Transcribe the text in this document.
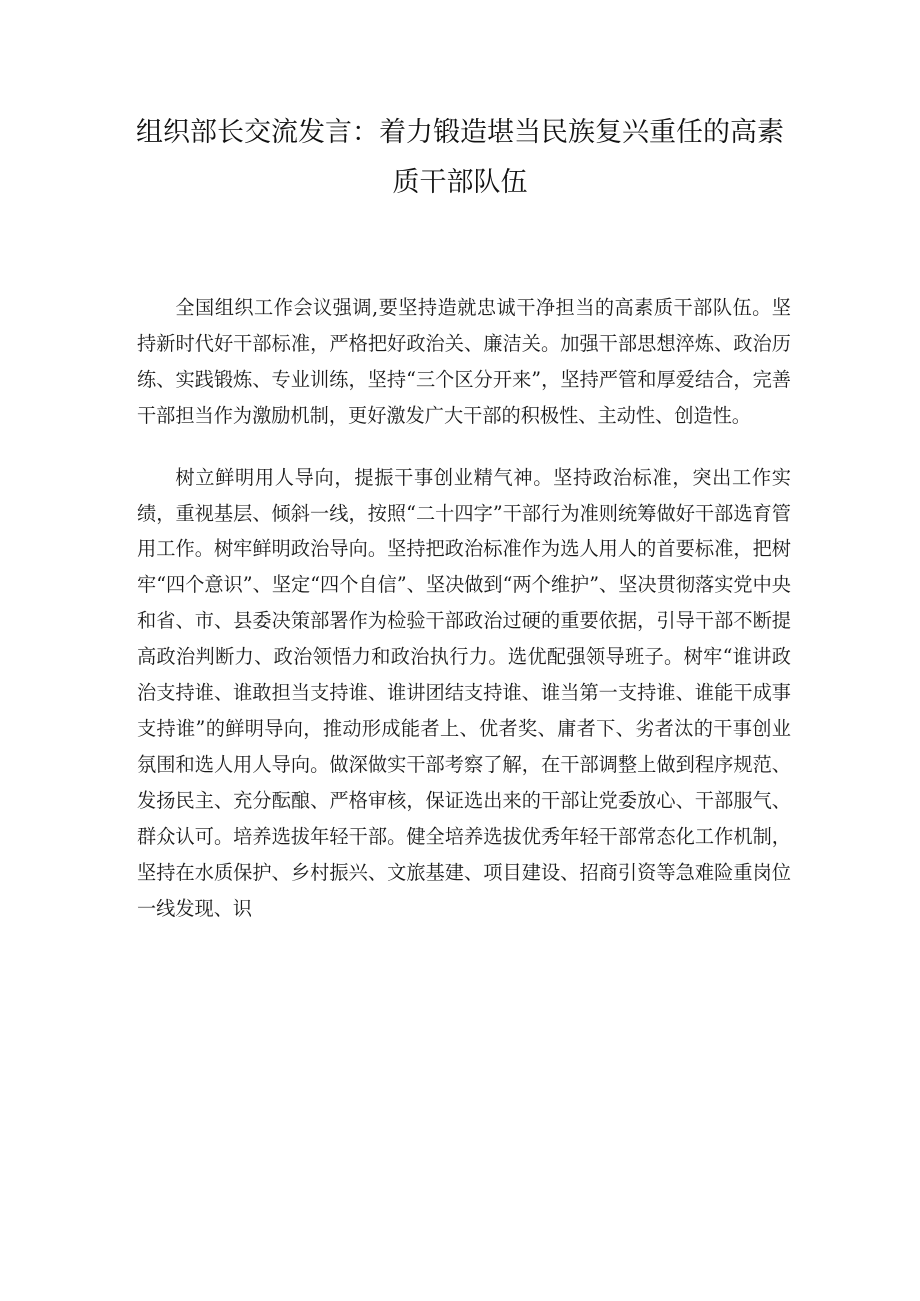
组织部长交流发言：着力锻造堪当民族复兴重任的高素质干部队伍

全国组织工作会议强调,要坚持造就忠诚干净担当的高素质干部队伍。坚持新时代好干部标准，严格把好政治关、廉洁关。加强干部思想淬炼、政治历练、实践锻炼、专业训练，坚持“三个区分开来”，坚持严管和厚爱结合，完善干部担当作为激励机制，更好激发广大干部的积极性、主动性、创造性。

树立鲜明用人导向，提振干事创业精气神。坚持政治标准，突出工作实绩，重视基层、倾斜一线，按照“二十四字”干部行为准则统筹做好干部选育管用工作。树牢鲜明政治导向。坚持把政治标准作为选人用人的首要标准，把树牢“四个意识”、坚定“四个自信”、坚决做到“两个维护”、坚决贯彻落实党中央和省、市、县委决策部署作为检验干部政治过硬的重要依据，引导干部不断提高政治判断力、政治领悟力和政治执行力。选优配强领导班子。树牢“谁讲政治支持谁、谁敢担当支持谁、谁讲团结支持谁、谁当第一支持谁、谁能干成事支持谁”的鲜明导向，推动形成能者上、优者奖、庸者下、劣者汰的干事创业氛围和选人用人导向。做深做实干部考察了解，在干部调整上做到程序规范、发扬民主、充分酝酿、严格审核，保证选出来的干部让党委放心、干部服气、群众认可。培养选拔年轻干部。健全培养选拔优秀年轻干部常态化工作机制，坚持在水质保护、乡村振兴、文旅基建、项目建设、招商引资等急难险重岗位一线发现、识
